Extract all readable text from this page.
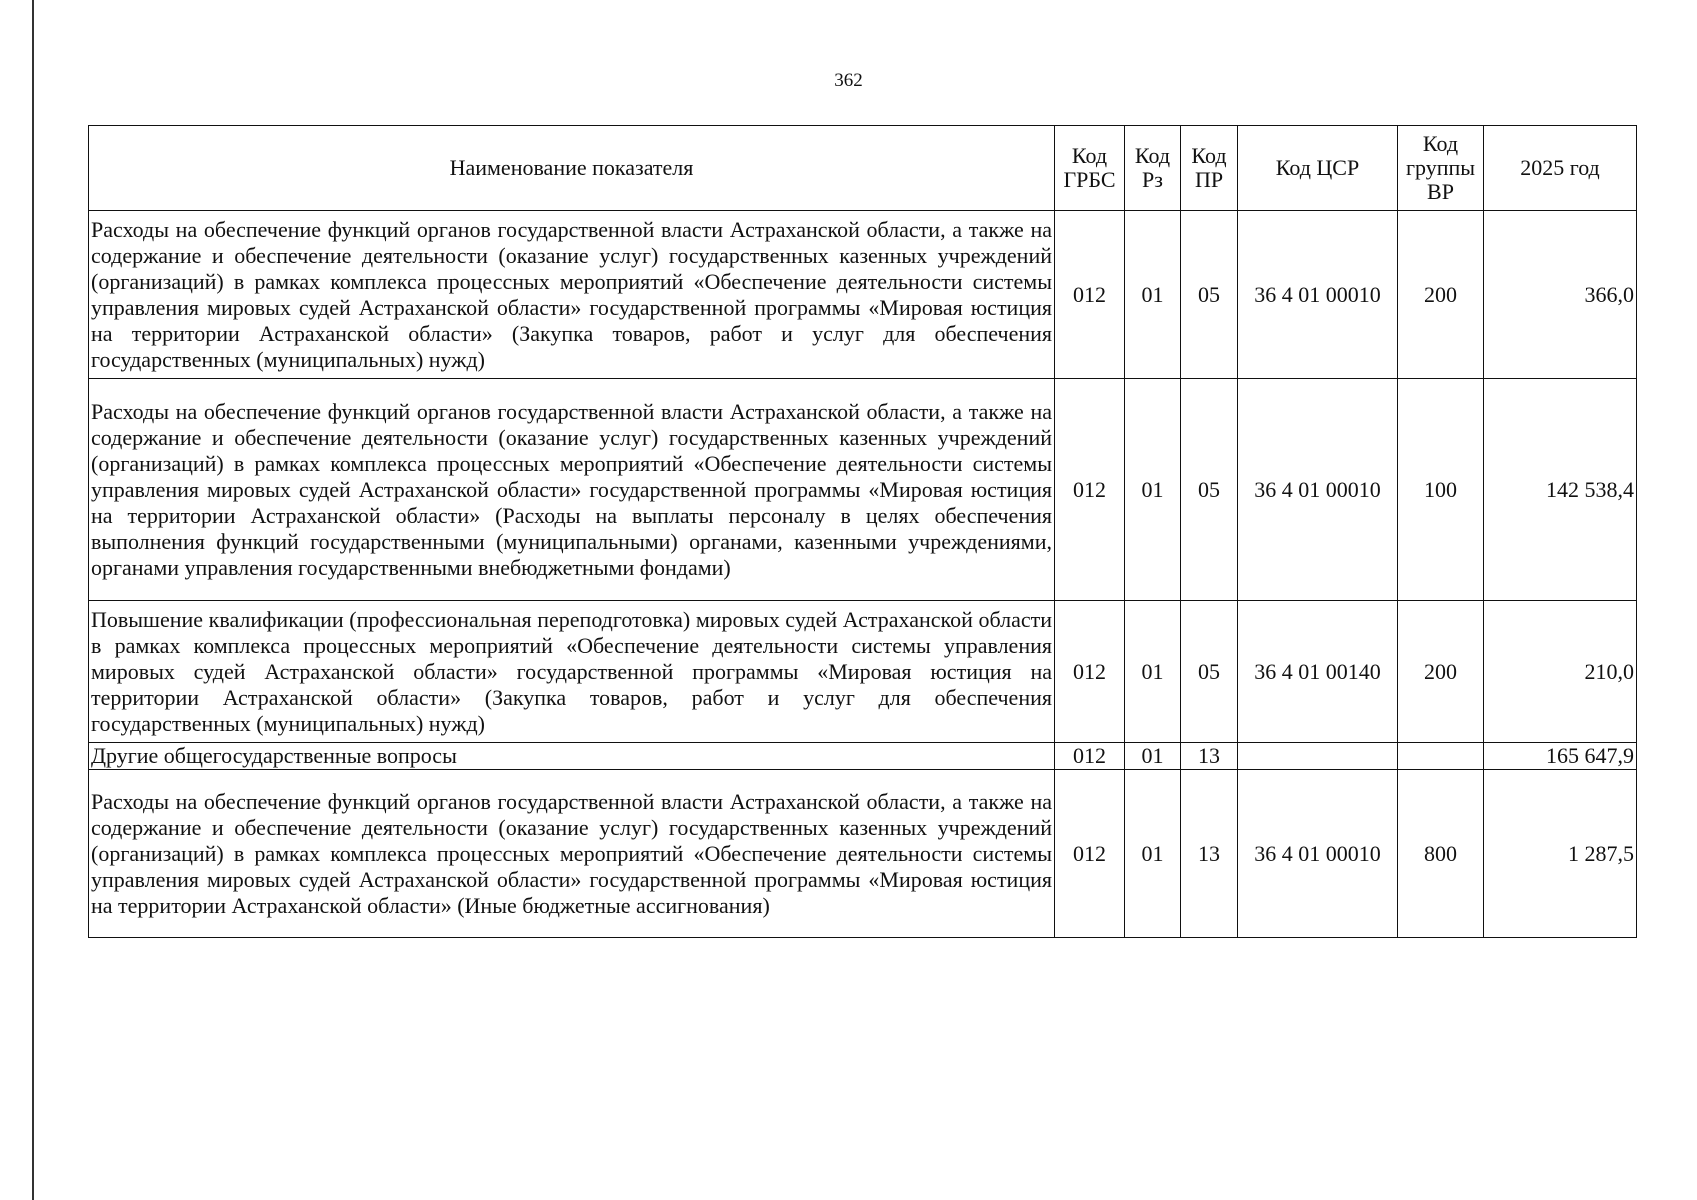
362
Наименование показателя	Код ГРБС	Код Рз	Код ПР	Код ЦСР	Код группы ВР	2025 год
Расходы на обеспечение функций органов государственной власти Астраханской области, а также на содержание и обеспечение деятельности (оказание услуг) государственных казенных учреждений (организаций) в рамках комплекса процессных мероприятий «Обеспечение деятельности системы управления мировых судей Астраханской области» государственной программы «Мировая юстиция на территории Астраханской области» (Закупка товаров, работ и услуг для обеспечения государственных (муниципальных) нужд)	012	01	05	36 4 01 00010	200	366,0
Расходы на обеспечение функций органов государственной власти Астраханской области, а также на содержание и обеспечение деятельности (оказание услуг) государственных казенных учреждений (организаций) в рамках комплекса процессных мероприятий «Обеспечение деятельности системы управления мировых судей Астраханской области» государственной программы «Мировая юстиция на территории Астраханской области» (Расходы на выплаты персоналу в целях обеспечения выполнения функций государственными (муниципальными) органами, казенными учреждениями, органами управления государственными внебюджетными фондами)	012	01	05	36 4 01 00010	100	142 538,4
Повышение квалификации (профессиональная переподготовка) мировых судей Астраханской области в рамках комплекса процессных мероприятий «Обеспечение деятельности системы управления мировых судей Астраханской области» государственной программы «Мировая юстиция на территории Астраханской области» (Закупка товаров, работ и услуг для обеспечения государственных (муниципальных) нужд)	012	01	05	36 4 01 00140	200	210,0
Другие общегосударственные вопросы	012	01	13			165 647,9
Расходы на обеспечение функций органов государственной власти Астраханской области, а также на содержание и обеспечение деятельности (оказание услуг) государственных казенных учреждений (организаций) в рамках комплекса процессных мероприятий «Обеспечение деятельности системы управления мировых судей Астраханской области» государственной программы «Мировая юстиция на территории Астраханской области» (Иные бюджетные ассигнования)	012	01	13	36 4 01 00010	800	1 287,5
